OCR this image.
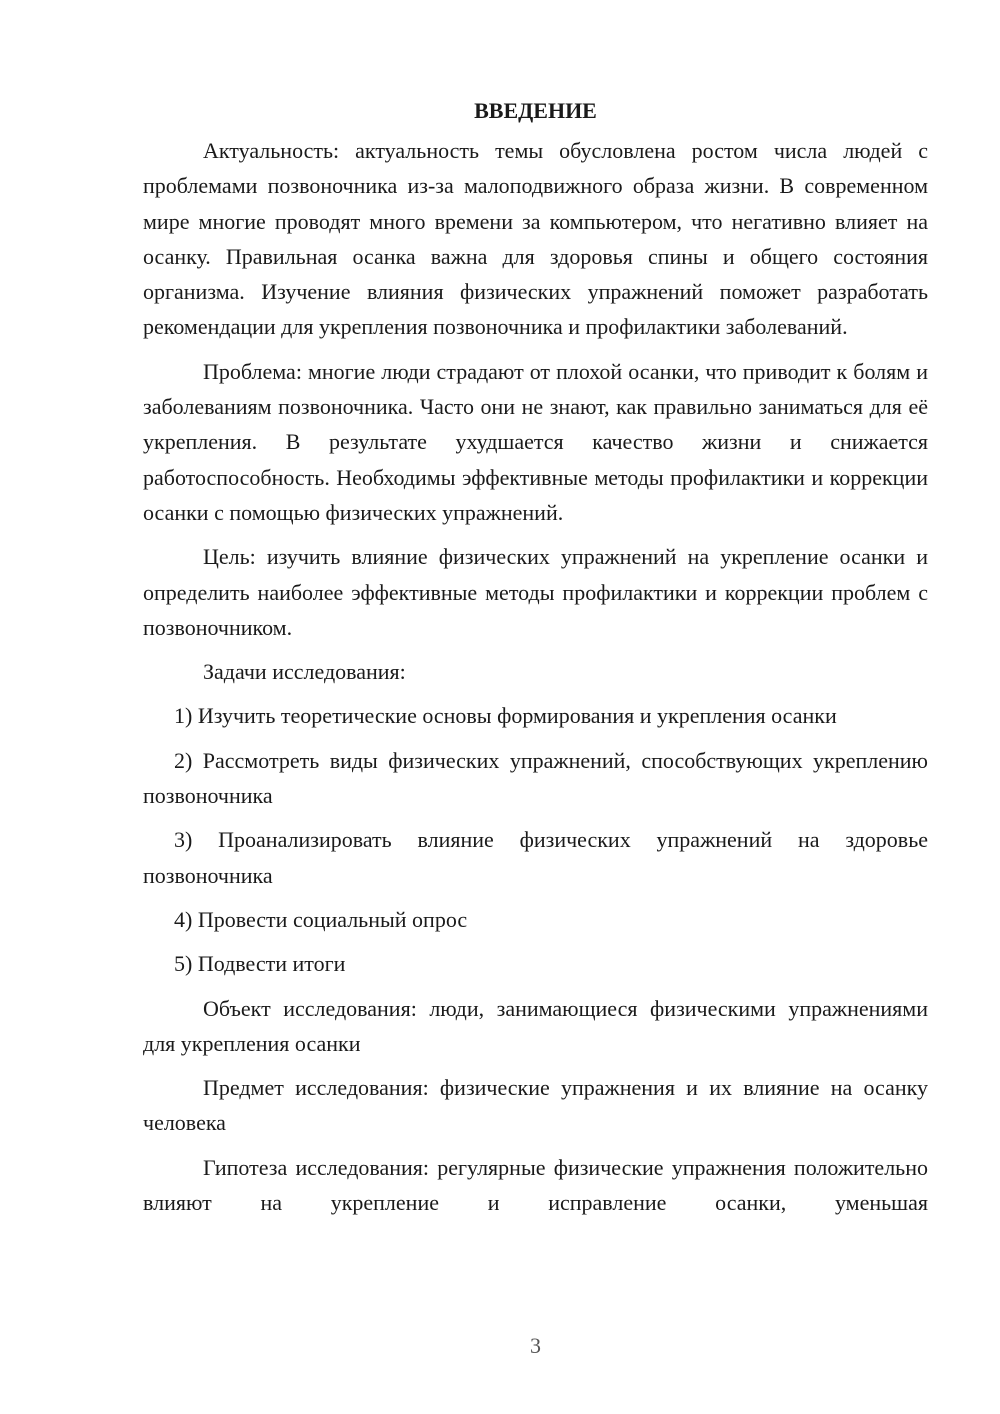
ВВЕДЕНИЕ

Актуальность: актуальность темы обусловлена ростом числа людей с проблемами позвоночника из-за малоподвижного образа жизни. В современном мире многие проводят много времени за компьютером, что негативно влияет на осанку. Правильная осанка важна для здоровья спины и общего состояния организма. Изучение влияния физических упражнений поможет разработать рекомендации для укрепления позвоночника и профилактики заболеваний.

Проблема: многие люди страдают от плохой осанки, что приводит к болям и заболеваниям позвоночника. Часто они не знают, как правильно заниматься для её укрепления. В результате ухудшается качество жизни и снижается работоспособность. Необходимы эффективные методы профилактики и коррекции осанки с помощью физических упражнений.

Цель: изучить влияние физических упражнений на укрепление осанки и определить наиболее эффективные методы профилактики и коррекции проблем с позвоночником.

Задачи исследования:

1) Изучить теоретические основы формирования и укрепления осанки

2) Рассмотреть виды физических упражнений, способствующих укреплению позвоночника

3) Проанализировать влияние физических упражнений на здоровье позвоночника

4) Провести социальный опрос

5) Подвести итоги

Объект исследования: люди, занимающиеся физическими упражнениями для укрепления осанки

Предмет исследования: физические упражнения и их влияние на осанку человека

Гипотеза исследования: регулярные физические упражнения положительно влияют на укрепление и исправление осанки, уменьшая

3
